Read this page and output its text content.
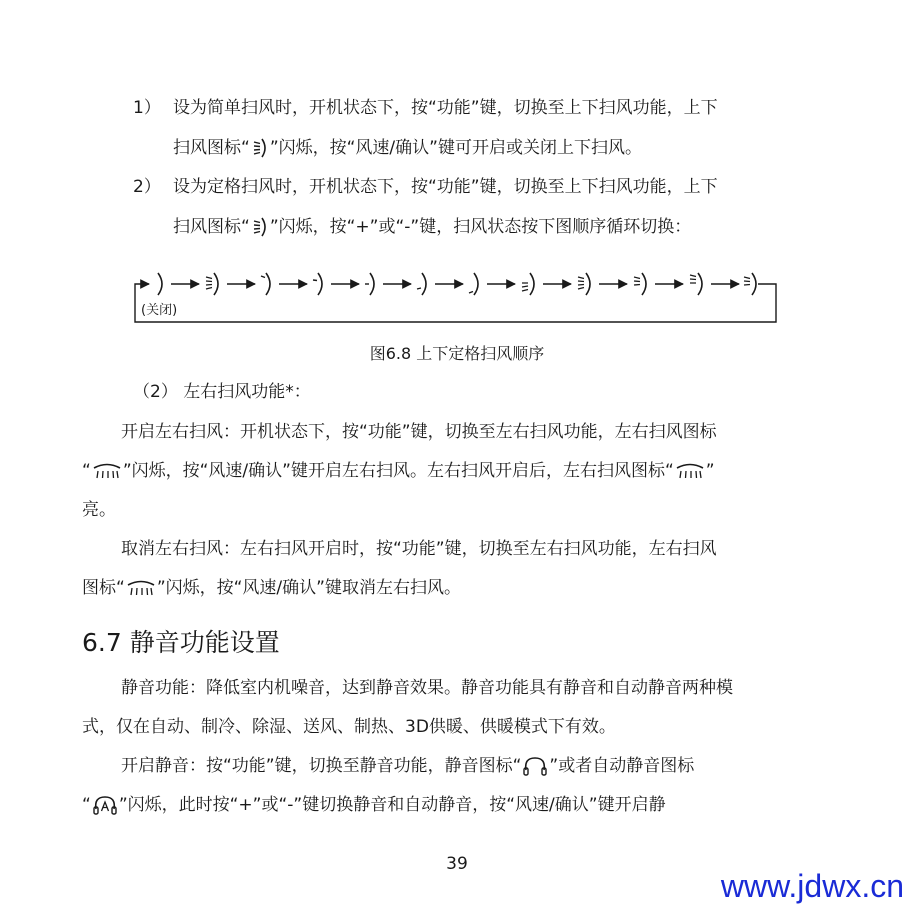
1） 设为简单扫风时，开机状态下，按“功能”键，切换至上下扫风功能，上下
扫风图标“ ”闪烁，按“风速/确认”键可开启或关闭上下扫风。
2） 设为定格扫风时，开机状态下，按“功能”键，切换至上下扫风功能，上下
扫风图标“ ”闪烁，按“+”或“-”键，扫风状态按下图顺序循环切换：
(关闭)
图6.8 上下定格扫风顺序
（2） 左右扫风功能*：
开启左右扫风：开机状态下，按“功能”键，切换至左右扫风功能，左右扫风图标
“ ”闪烁，按“风速/确认”键开启左右扫风。左右扫风开启后，左右扫风图标“ ”
亮。
取消左右扫风：左右扫风开启时，按“功能”键，切换至左右扫风功能，左右扫风
图标“ ”闪烁，按“风速/确认”键取消左右扫风。
6.7 静音功能设置
静音功能：降低室内机噪音，达到静音效果。静音功能具有静音和自动静音两种模
式，仅在自动、制冷、除湿、送风、制热、3D供暖、供暖模式下有效。
开启静音：按“功能”键，切换至静音功能，静音图标“ ”或者自动静音图标
“ ”闪烁，此时按“+”或“-”键切换静音和自动静音，按“风速/确认”键开启静
39
www.jdwx.cn
